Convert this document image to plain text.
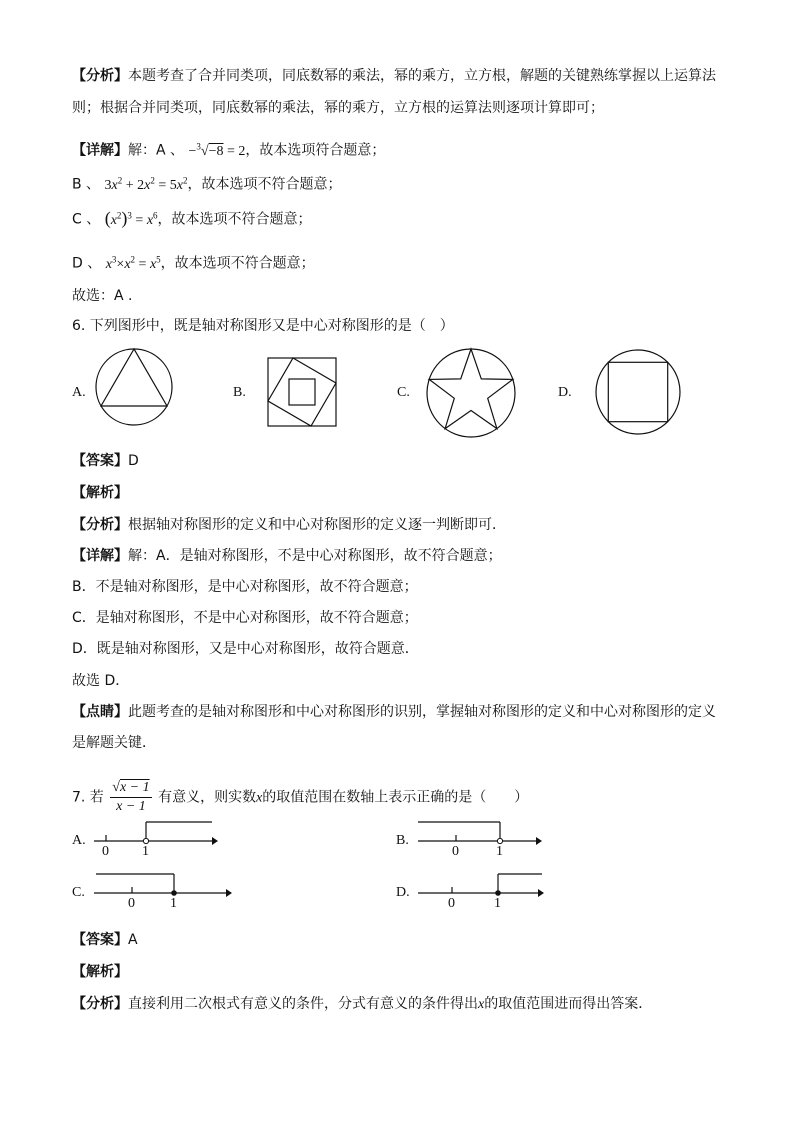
【分析】本题考查了合并同类项，同底数幂的乘法，幂的乘方，立方根，解题的关键熟练掌握以上运算法
则；根据合并同类项，同底数幂的乘法，幂的乘方，立方根的运算法则逐项计算即可；
【详解】解：A 、 −$^3$√−8 = 2，故本选项符合题意；
B 、 $3x^2 + 2x^2 = 5x^2$，故本选项不符合题意；
C 、 $(x^2)^3 = x^6$，故本选项不符合题意；
D 、 $x^3\times x^2 = x^5$，故本选项不符合题意；
故选：A .
6. 下列图形中，既是轴对称图形又是中心对称图形的是（　）
A.	B.	C.	D.
【答案】D
【解析】
【分析】根据轴对称图形的定义和中心对称图形的定义逐一判断即可．
【详解】解：A．是轴对称图形，不是中心对称图形，故不符合题意；
B．不是轴对称图形，是中心对称图形，故不符合题意；
C．是轴对称图形，不是中心对称图形，故不符合题意；
D．既是轴对称图形，又是中心对称图形，故符合题意．
故选 D．
【点睛】此题考查的是轴对称图形和中心对称图形的识别，掌握轴对称图形的定义和中心对称图形的定义
是解题关键．
7. 若 $\frac{√x - 1}{x - 1}$ 有意义，则实数x的取值范围在数轴上表示正确的是（　　）
A.
0 1
B.
0	1
C.
0	1
D.
0	1
【答案】A
【解析】
【分析】直接利用二次根式有意义的条件，分式有意义的条件得出x的取值范围进而得出答案．
